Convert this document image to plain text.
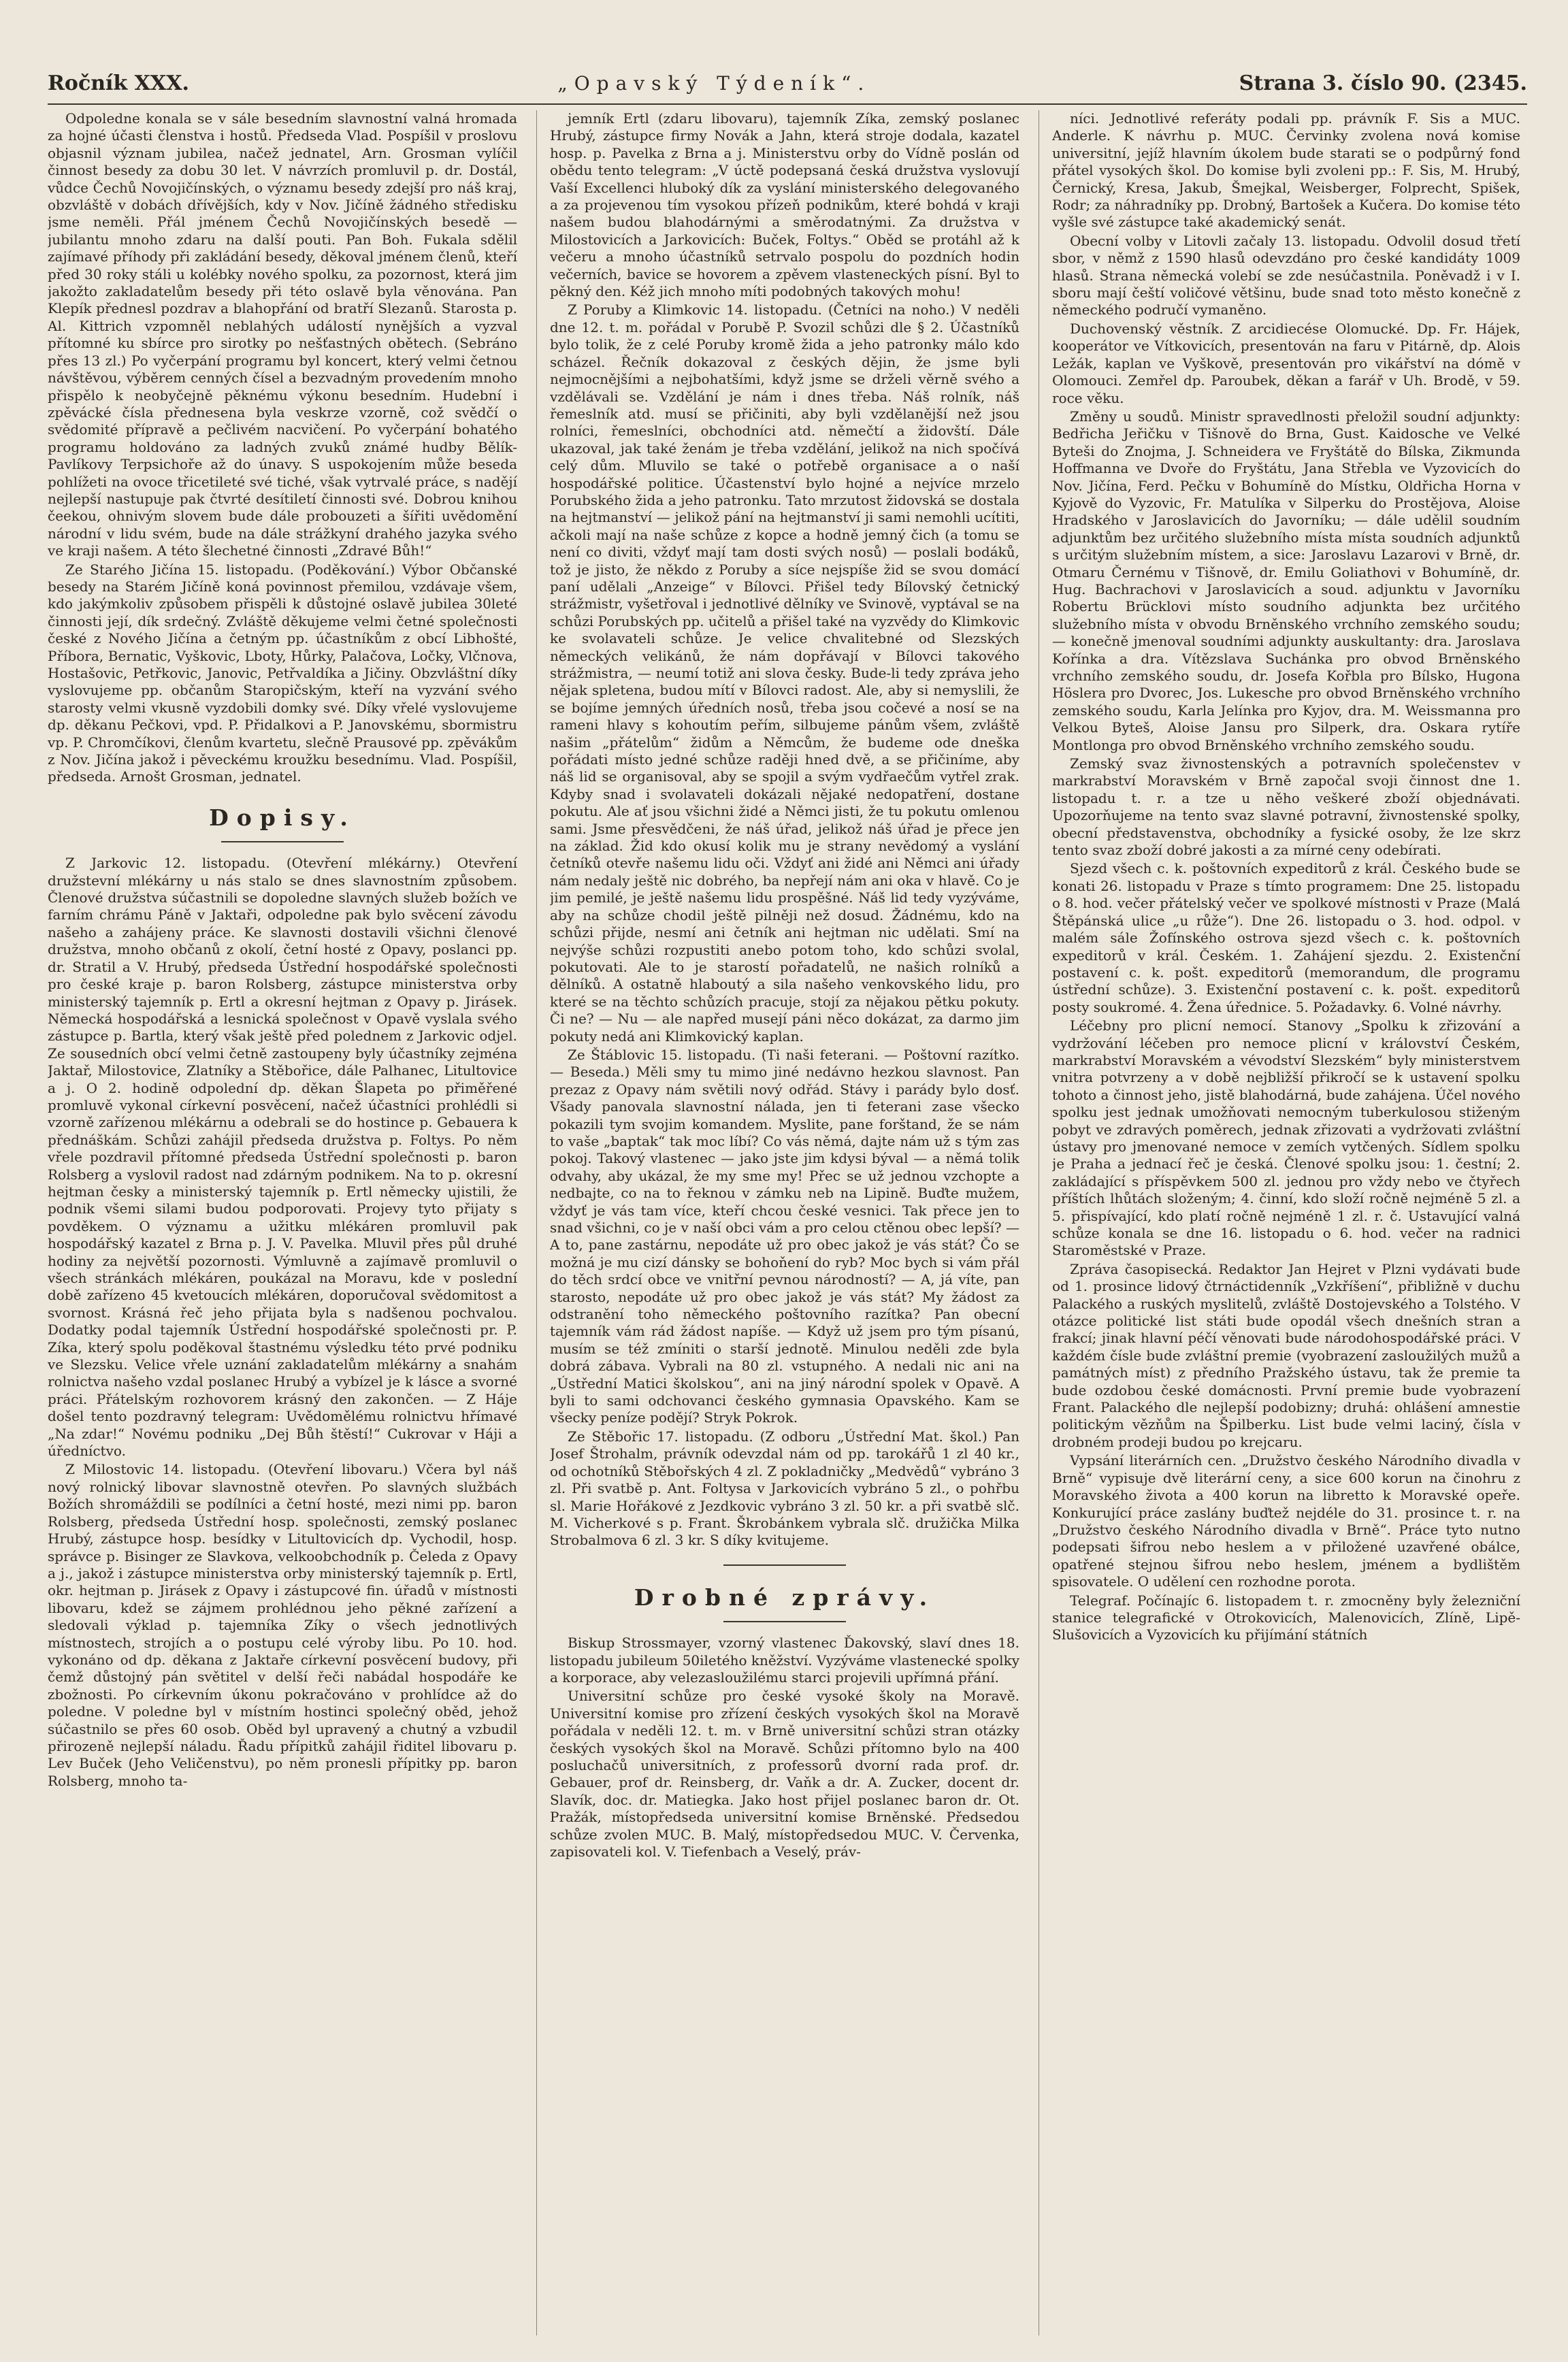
Ročník XXX.	„Opavský Týdeník“.	Strana 3. číslo 90. (2345.

Odpoledne konala se v sále besedním slavnostní valná hromada za hojné účasti členstva i hostů. Předseda Vlad. Pospíšil v proslovu objasnil význam jubilea, načež jednatel, Arn. Grosman vylíčil činnost besedy za dobu 30 let. V návrzích promluvil p. dr. Dostál, vůdce Čechů Novojičínských, o významu besedy zdejší pro náš kraj, obzvláště v dobách dřívějších, kdy v Nov. Jičíně žádného středisku jsme neměli. Přál jménem Čechů Novojičínských besedě — jubilantu mnoho zdaru na další pouti. Pan Boh. Fukala sdělil zajímavé příhody při zakládání besedy, děkoval jménem členů, kteří před 30 roky stáli u kolébky nového spolku, za pozornost, která jim jakožto zakladatelům besedy při této oslavě byla věnována. Pan Klepík přednesl pozdrav a blahopřání od bratří Slezanů. Starosta p. Al. Kittrich vzpomněl neblahých událostí nynějších a vyzval přítomné ku sbírce pro sirotky po nešťastných obětech. (Sebráno přes 13 zl.) Po vyčerpání programu byl koncert, který velmi četnou návštěvou, výběrem cenných čísel a bezvadným provedením mnoho přispělo k neobyčejně pěknému výkonu besedním. Hudební i zpěvácké čísla přednesena byla veskrze vzorně, což svědčí o svědomité přípravě a pečlivém nacvičení. Po vyčerpání bohatého programu holdováno za ladných zvuků známé hudby Bělík-Pavlíkovy Terpsichoře až do únavy. S uspokojením může beseda pohlížeti na ovoce třicetileté své tiché, však vytrvalé práce, s nadějí nejlepší nastupuje pak čtvrté desítiletí činnosti své. Dobrou knihou čeekou, ohnivým slovem bude dále probouzeti a šířiti uvědomění národní v lidu svém, bude na dále strážkyní drahého jazyka svého ve kraji našem. A této šlechetné činnosti „Zdravé Bůh!“

Ze Starého Jičína 15. listopadu. (Poděkování.) Výbor Občanské besedy na Starém Jičíně koná povinnost přemilou, vzdávaje všem, kdo jakýmkoliv způsobem přispěli k důstojné oslavě jubilea 30leté činnosti její, dík srdečný. Zvláště děkujeme velmi četné společnosti české z Nového Jičína a četným pp. účastníkům z obcí Libhošté, Příbora, Bernatic, Vyškovic, Lboty, Hůrky, Palačova, Ločky, Vlčnova, Hostašovic, Petřkovic, Janovic, Petřvaldíka a Jičiny. Obzvláštní díky vyslovujeme pp. občanům Staropičským, kteří na vyzvání svého starosty velmi vkusně vyzdobili domky své. Díky vřelé vyslovujeme dp. děkanu Pečkovi, vpd. P. Přidalkovi a P. Janovskému, sbormistru vp. P. Chromčíkovi, členům kvartetu, slečně Prausové pp. zpěvákům z Nov. Jičína jakož i pěveckému kroužku besednímu. Vlad. Pospíšil, předseda. Arnošt Grosman, jednatel.

Dopisy.

Z Jarkovic 12. listopadu. (Otevření mlékárny.) Otevření družstevní mlékárny u nás stalo se dnes slavnostním způsobem. Členové družstva súčastnili se dopoledne slavných služeb božích ve farním chrámu Páně v Jaktaři, odpoledne pak bylo svěcení závodu našeho a zahájeny práce. Ke slavnosti dostavili všichni členové družstva, mnoho občanů z okolí, četní hosté z Opavy, poslanci pp. dr. Stratil a V. Hrubý, předseda Ústřední hospodářské společnosti pro české kraje p. baron Rolsberg, zástupce ministerstva orby ministerský tajemník p. Ertl a okresní hejtman z Opavy p. Jirásek. Německá hospodářská a lesnická společnost v Opavě vyslala svého zástupce p. Bartla, který však ještě před polednem z Jarkovic odjel. Ze sousedních obcí velmi četně zastoupeny byly účastníky zejména Jaktař, Milostovice, Zlatníky a Stěbořice, dále Palhanec, Litultovice a j. O 2. hodině odpolední dp. děkan Šlapeta po přiměřené promluvě vykonal církevní posvěcení, načež účastníci prohlédli si vzorně zařízenou mlékárnu a odebrali se do hostince p. Gebauera k přednáškám. Schůzi zahájil předseda družstva p. Foltys. Po něm vřele pozdravil přítomné předseda Ústřední společnosti p. baron Rolsberg a vyslovil radost nad zdárným podnikem. Na to p. okresní hejtman česky a ministerský tajemník p. Ertl německy ujistili, že podnik všemi silami budou podporovati. Projevy tyto přijaty s povděkem. O významu a užitku mlékáren promluvil pak hospodářský kazatel z Brna p. J. V. Pavelka. Mluvil přes půl druhé hodiny za největší pozornosti. Výmluvně a zajímavě promluvil o všech stránkách mlékáren, poukázal na Moravu, kde v poslední době zařízeno 45 kvetoucích mlékáren, doporučoval svědomitost a svornost. Krásná řeč jeho přijata byla s nadšenou pochvalou. Dodatky podal tajemník Ústřední hospodářské společnosti pr. P. Zíka, který spolu poděkoval štastnému výsledku této prvé podniku ve Slezsku. Velice vřele uznání zakladatelům mlékárny a snahám rolnictva našeho vzdal poslanec Hrubý a vybízel je k lásce a svorné práci. Přátelským rozhovorem krásný den zakončen. — Z Háje došel tento pozdravný telegram: Uvědomělému rolnictvu hřímavé „Na zdar!“ Novému podniku „Dej Bůh štěstí!“ Cukrovar v Háji a úředníctvo.

Z Milostovic 14. listopadu. (Otevření libovaru.) Včera byl náš nový rolnický libovar slavnostně otevřen. Po slavných službách Božích shromáždili se podílníci a četní hosté, mezi nimi pp. baron Rolsberg, předseda Ústřední hosp. společnosti, zemský poslanec Hrubý, zástupce hosp. besídky v Litultovicích dp. Vychodil, hosp. správce p. Bisinger ze Slavkova, velkoobchodník p. Čeleda z Opavy a j., jakož i zástupce ministerstva orby ministerský tajemník p. Ertl, okr. hejtman p. Jirásek z Opavy i zástupcové fin. úřadů v místnosti libovaru, kdež se zájmem prohlédnou jeho pěkné zařízení a sledovali výklad p. tajemníka Zíky o všech jednotlivých místnostech, strojích a o postupu celé výroby libu. Po 10. hod. vykonáno od dp. děkana z Jaktaře církevní posvěcení budovy, při čemž důstojný pán světitel v delší řeči nabádal hospodáře ke zbožnosti. Po církevním úkonu pokračováno v prohlídce až do poledne. V poledne byl v místním hostinci společný oběd, jehož súčastnilo se přes 60 osob. Oběd byl upravený a chutný a vzbudil přirozeně nejlepší náladu. Řadu přípitků zahájil řiditel libovaru p. Lev Buček (Jeho Veličenstvu), po něm pronesli přípitky pp. baron Rolsberg, mnoho ta-

jemník Ertl (zdaru libovaru), tajemník Zíka, zemský poslanec Hrubý, zástupce firmy Novák a Jahn, která stroje dodala, kazatel hosp. p. Pavelka z Brna a j. Ministerstvu orby do Vídně poslán od obědu tento telegram: „V úctě podepsaná česká družstva vyslovují Vaší Excellenci hluboký dík za vyslání ministerského delegovaného a za projevenou tím vysokou přízeň podnikům, které bohdá v kraji našem budou blahodárnými a směrodatnými. Za družstva v Milostovicích a Jarkovicích: Buček, Foltys.“ Oběd se protáhl až k večeru a mnoho účastníků setrvalo pospolu do pozdních hodin večerních, bavice se hovorem a zpěvem vlasteneckých písní. Byl to pěkný den. Kéž jich mnoho míti podobných takových mohu!

Z Poruby a Klimkovic 14. listopadu. (Četníci na noho.) V neděli dne 12. t. m. pořádal v Porubě P. Svozil schůzi dle § 2. Účastníků bylo tolik, že z celé Poruby kromě žida a jeho patronky málo kdo scházel. Řečník dokazoval z českých dějin, že jsme byli nejmocnějšími a nejbohatšími, když jsme se drželi věrně svého a vzdělávali se. Vzdělání je nám i dnes třeba. Náš rolník, náš řemeslník atd. musí se přičiniti, aby byli vzdělanější než jsou rolníci, řemeslníci, obchodníci atd. němečtí a židovští. Dále ukazoval, jak také ženám je třeba vzdělání, jelikož na nich spočívá celý dům. Mluvilo se také o potřebě organisace a o naší hospodářské politice. Účastenství bylo hojné a nejvíce mrzelo Porubského žida a jeho patronku. Tato mrzutost židovská se dostala na hejtmanství — jelikož pání na hejtmanství ji sami nemohli ucítiti, ačkoli mají na naše schůze z kopce a hodně jemný čich (a tomu se není co diviti, vždyť mají tam dosti svých nosů) — poslali bodáků, tož je jisto, že někdo z Poruby a síce nejspíše žid se svou domácí paní udělali „Anzeige“ v Bílovci. Přišel tedy Bílovský četnický strážmistr, vyšetřoval i jednotlivé dělníky ve Svinově, vyptával se na schůzi Porubských pp. učitelů a přišel také na vyzvědy do Klimkovic ke svolavateli schůze. Je velice chvalitebné od Slezských německých velikánů, že nám dopřávají v Bílovci takového strážmistra, — neumí totiž ani slova česky. Bude-li tedy zpráva jeho nějak spletena, budou mítí v Bílovci radost. Ale, aby si nemyslili, že se bojíme jemných úředních nosů, třeba jsou cočevé a nosí se na rameni hlavy s kohoutím peřím, silbujeme pánům všem, zvláště našim „přátelům“ židům a Němcům, že budeme ode dneška pořádati místo jedné schůze raději hned dvě, a se přičiníme, aby náš lid se organisoval, aby se spojil a svým vydřaečům vytřel zrak. Kdyby snad i svolavateli dokázali nějaké nedopatření, dostane pokutu. Ale ať jsou všichni židé a Němci jisti, že tu pokutu omlenou sami. Jsme přesvědčeni, že náš úřad, jelikož náš úřad je přece jen na základ. Žid kdo okusí kolik mu je strany nevědomý a vyslání četníků otevře našemu lidu oči. Vždyť ani židé ani Němci ani úřady nám nedaly ještě nic dobrého, ba nepřejí nám ani oka v hlavě. Co je jim pemilé, je ještě našemu lidu prospěšné. Náš lid tedy vyzýváme, aby na schůze chodil ještě pilněji než dosud. Žádnému, kdo na schůzi přijde, nesmí ani četník ani hejtman nic udělati. Smí na nejvýše schůzi rozpustiti anebo potom toho, kdo schůzi svolal, pokutovati. Ale to je starostí pořadatelů, ne našich rolníků a dělníků. A ostatně hlaboutý a sila našeho venkovského lidu, pro které se na těchto schůzích pracuje, stojí za nějakou pětku pokuty. Či ne? — Nu — ale napřed musejí páni něco dokázat, za darmo jim pokuty nedá ani Klimkovický kaplan.

Ze Štáblovic 15. listopadu. (Ti naši feterani. — Poštovní razítko. — Beseda.) Měli smy tu mimo jiné nedávno hezkou slavnost. Pan prezaz z Opavy nám světili nový odřád. Stávy i parády bylo dosť. Všady panovala slavnostní nálada, jen ti feterani zase všecko pokazili tym svojim komandem. Myslite, pane forštand, že se nám to vaše „baptak“ tak moc líbí? Co vás němá, dajte nám už s tým zas pokoj. Takový vlastenec — jako jste jim kdysi býval — a němá tolik odvahy, aby ukázal, že my sme my! Přec se už jednou vzchopte a nedbajte, co na to řeknou v zámku neb na Lipině. Buďte mužem, vždyť je vás tam více, kteří chcou české vesnici. Tak přece jen to snad všichni, co je v naší obci vám a pro celou ctěnou obec lepší? — A to, pane zastárnu, nepodáte už pro obec jakož je vás stát? Čo se možná je mu cizí dánsky se bohoňení do ryb? Moc bych si vám přál do těch srdcí obce ve vnitřní pevnou národností? — A, já víte, pan starosto, nepodáte už pro obec jakož je vás stát? My žádost za odstranění toho německého poštovního razítka? Pan obecní tajemník vám rád žádost napíše. — Když už jsem pro tým písanú, musím se též zmíniti o starší jednotě. Minulou neděli zde byla dobrá zábava. Vybrali na 80 zl. vstupného. A nedali nic ani na „Ústřední Matici školskou“, ani na jiný národní spolek v Opavě. A byli to sami odchovanci českého gymnasia Opavského. Kam se všecky peníze podějí? Stryk Pokrok.

Ze Stěbořic 17. listopadu. (Z odboru „Ústřední Mat. škol.) Pan Josef Štrohalm, právník odevzdal nám od pp. tarokářů 1 zl 40 kr., od ochotníků Stěbořských 4 zl. Z pokladničky „Medvědů“ vybráno 3 zl. Při svatbě p. Ant. Foltysa v Jarkovicích vybráno 5 zl., o pohřbu sl. Marie Hořákové z Jezdkovic vybráno 3 zl. 50 kr. a při svatbě slč. M. Vicherkové s p. Frant. Škrobánkem vybrala slč. družička Milka Strobalmova 6 zl. 3 kr. S díky kvitujeme.

Drobné zprávy.

Biskup Strossmayer, vzorný vlastenec Ďakovský, slaví dnes 18. listopadu jubileum 50iletého kněžství. Vyzýváme vlastenecké spolky a korporace, aby velezasloužilému starci projevili upřímná přání.

Universitní schůze pro české vysoké školy na Moravě. Universitní komise pro zřízení českých vysokých škol na Moravě pořádala v neděli 12. t. m. v Brně universitní schůzi stran otázky českých vysokých škol na Moravě. Schůzi přítomno bylo na 400 posluchačů universitních, z professorů dvorní rada prof. dr. Gebauer, prof dr. Reinsberg, dr. Vaňk a dr. A. Zucker, docent dr. Slavík, doc. dr. Matiegka. Jako host přijel poslanec baron dr. Ot. Pražák, místopředseda universitní komise Brněnské. Předsedou schůze zvolen MUC. B. Malý, místopředsedou MUC. V. Červenka, zapisovateli kol. V. Tiefenbach a Veselý, práv-

níci. Jednotlivé referáty podali pp. právník F. Sis a MUC. Anderle. K návrhu p. MUC. Červinky zvolena nová komise universitní, jejíž hlavním úkolem bude starati se o podpůrný fond přátel vysokých škol. Do komise byli zvoleni pp.: F. Sis, M. Hrubý, Černický, Kresa, Jakub, Šmejkal, Weisberger, Folprecht, Spišek, Rodr; za náhradníky pp. Drobný, Bartošek a Kučera. Do komise této vyšle své zástupce také akademický senát.

Obecní volby v Litovli začaly 13. listopadu. Odvolil dosud třetí sbor, v němž z 1590 hlasů odevzdáno pro české kandidáty 1009 hlasů. Strana německá volebí se zde nesúčastnila. Poněvadž i v I. sboru mají čeští voličové většinu, bude snad toto město konečně z německého područí vymaněno.

Duchovenský věstník. Z arcidiecése Olomucké. Dp. Fr. Hájek, kooperátor ve Vítkovicích, presentován na faru v Pitárně, dp. Alois Ležák, kaplan ve Vyškově, presentován pro vikářství na dómě v Olomouci. Zemřel dp. Paroubek, děkan a farář v Uh. Brodě, v 59. roce věku.

Změny u soudů. Ministr spravedlnosti přeložil soudní adjunkty: Bedřicha Jeřičku v Tišnově do Brna, Gust. Kaidosche ve Velké Byteši do Znojma, J. Schneidera ve Fryštátě do Bílska, Zikmunda Hoffmanna ve Dvoře do Fryštátu, Jana Střebla ve Vyzovicích do Nov. Jičína, Ferd. Pečku v Bohumíně do Místku, Oldřicha Horna v Kyjově do Vyzovic, Fr. Matulíka v Silperku do Prostějova, Aloise Hradského v Jaroslavicích do Javorníku; — dále udělil soudním adjunktům bez určitého služebního místa místa soudních adjunktů s určitým služebním místem, a sice: Jaroslavu Lazarovi v Brně, dr. Otmaru Černému v Tišnově, dr. Emilu Goliathovi v Bohumíně, dr. Hug. Bachrachovi v Jaroslavicích a soud. adjunktu v Javorníku Robertu Brücklovi místo soudního adjunkta bez určitého služebního místa v obvodu Brněnského vrchního zemského soudu; — konečně jmenoval soudními adjunkty auskultanty: dra. Jaroslava Kořínka a dra. Vítězslava Suchánka pro obvod Brněnského vrchního zemského soudu, dr. Josefa Kořbla pro Bílsko, Hugona Höslera pro Dvorec, Jos. Lukesche pro obvod Brněnského vrchního zemského soudu, Karla Jelínka pro Kyjov, dra. M. Weissmanna pro Velkou Byteš, Aloise Jansu pro Silperk, dra. Oskara rytíře Montlonga pro obvod Brněnského vrchního zemského soudu.

Zemský svaz živnostenských a potravních společenstev v markrabství Moravském v Brně započal svoji činnost dne 1. listopadu t. r. a tze u něho veškeré zboží objednávati. Upozorňujeme na tento svaz slavné potravní, živnostenské spolky, obecní představenstva, obchodníky a fysické osoby, že lze skrz tento svaz zboží dobré jakosti a za mírné ceny odebírati.

Sjezd všech c. k. poštovních expeditorů z král. Českého bude se konati 26. listopadu v Praze s tímto programem: Dne 25. listopadu o 8. hod. večer přátelský večer ve spolkové místnosti v Praze (Malá Štěpánská ulice „u růže“). Dne 26. listopadu o 3. hod. odpol. v malém sále Žofínského ostrova sjezd všech c. k. poštovních expeditorů v král. Českém. 1. Zahájení sjezdu. 2. Existenční postavení c. k. pošt. expeditorů (memorandum, dle programu ústřední schůze). 3. Existenční postavení c. k. pošt. expeditorů posty soukromé. 4. Žena úřednice. 5. Požadavky. 6. Volné návrhy.

Léčebny pro plicní nemocí. Stanovy „Spolku k zřizování a vydržování léčeben pro nemoce plicní v království Českém, markrabství Moravském a vévodství Slezském“ byly ministerstvem vnitra potvrzeny a v době nejbližší přikročí se k ustavení spolku tohoto a činnost jeho, jistě blahodárná, bude zahájena. Účel nového spolku jest jednak umožňovati nemocným tuberkulosou stiženým pobyt ve zdravých poměrech, jednak zřizovati a vydržovati zvláštní ústavy pro jmenované nemoce v zemích vytčených. Sídlem spolku je Praha a jednací řeč je česká. Členové spolku jsou: 1. čestní; 2. zakládající s příspěvkem 500 zl. jednou pro vždy nebo ve čtyřech příštích lhůtách složeným; 4. činní, kdo složí ročně nejméně 5 zl. a 5. přispívající, kdo platí ročně nejméně 1 zl. r. č. Ustavující valná schůze konala se dne 16. listopadu o 6. hod. večer na radnici Staroměstské v Praze.

Zpráva časopisecká. Redaktor Jan Hejret v Plzni vydávati bude od 1. prosince lidový čtrnáctidenník „Vzkříšení“, přibližně v duchu Palackého a ruských myslitelů, zvláště Dostojevského a Tolstého. V otázce politické list státi bude opodál všech dnešních stran a frakcí; jinak hlavní péčí věnovati bude národohospodářské práci. V každém čísle bude zvláštní premie (vyobrazení zasloužilých mužů a památných míst) z předního Pražského ústavu, tak že premie ta bude ozdobou české domácnosti. První premie bude vyobrazení Frant. Palackého dle nejlepší podobizny; druhá: ohlášení amnestie politickým vězňům na Špilberku. List bude velmi laciný, čísla v drobném prodeji budou po krejcaru.

Vypsání literárních cen. „Družstvo českého Národního divadla v Brně“ vypisuje dvě literární ceny, a sice 600 korun na činohru z Moravského života a 400 korun na libretto k Moravské opeře. Konkurující práce zaslány buďtež nejdéle do 31. prosince t. r. na „Družstvo českého Národního divadla v Brně“. Práce tyto nutno podepsati šifrou nebo heslem a v přiložené uzavřené obálce, opatřené stejnou šifrou nebo heslem, jménem a bydlištěm spisovatele. O udělení cen rozhodne porota.

Telegraf. Počínajíc 6. listopadem t. r. zmocněny byly železniční stanice telegrafické v Otrokovicích, Malenovicích, Zlíně, Lipě-Slušovicích a Vyzovicích ku přijímání státních
